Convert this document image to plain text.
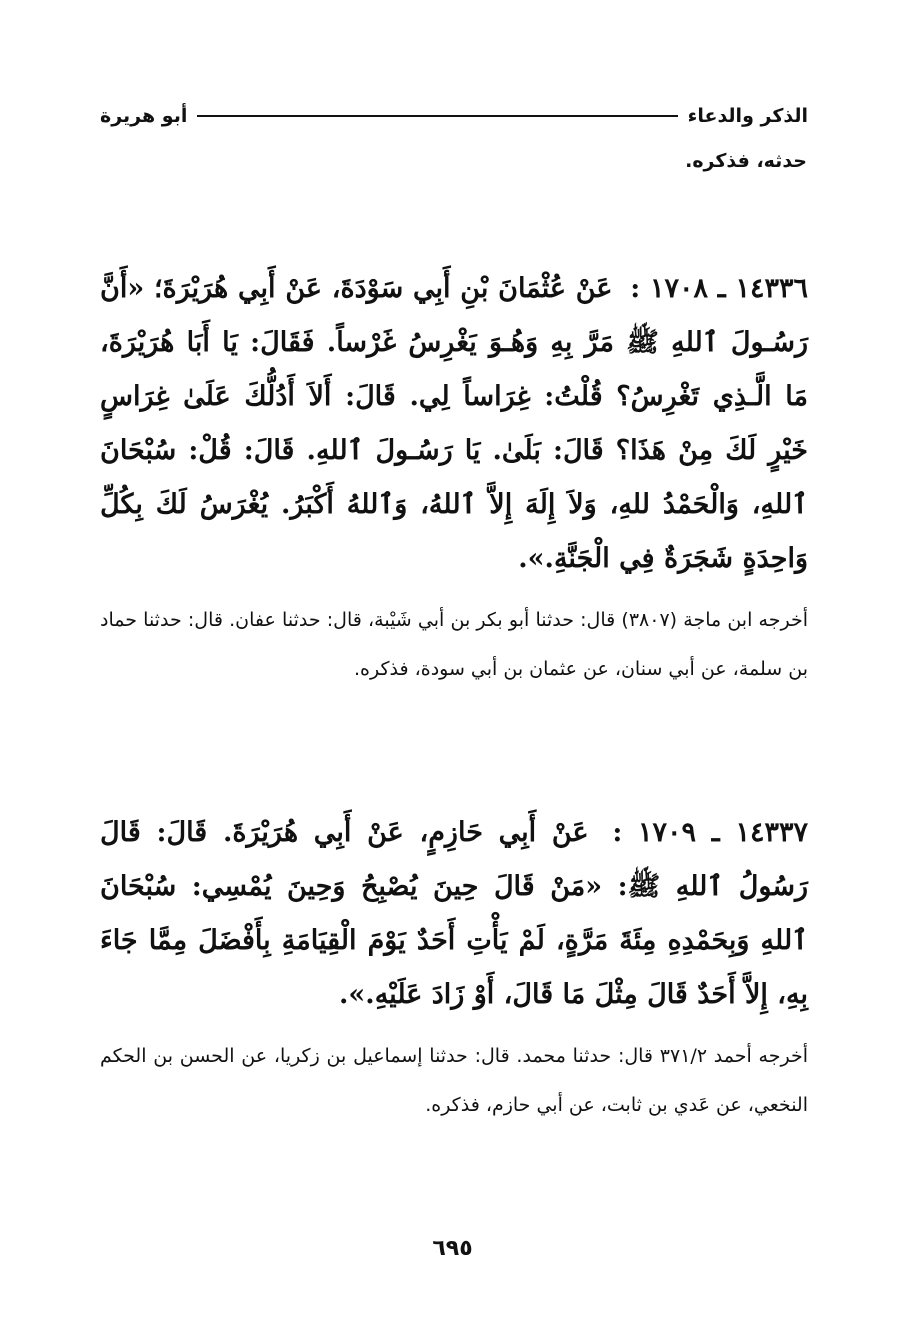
الذكر والدعاء
أبو هريرة
حدثه، فذكره.

١٤٣٣٦ ـ ١٧٠٨ : عَنْ عُثْمَانَ بْنِ أَبِي سَوْدَةَ، عَنْ أَبِي هُرَيْرَةَ؛ «أَنَّ رَسُـولَ ٱللهِ ﷺ مَرَّ بِهِ وَهُـوَ يَغْرِسُ غَرْساً. فَقَالَ: يَا أَبَا هُرَيْرَةَ، مَا الَّـذِي تَغْرِسُ؟ قُلْتُ: غِرَاساً لِي. قَالَ: أَلاَ أَدُلُّكَ عَلَىٰ غِرَاسٍ خَيْرٍ لَكَ مِنْ هَذَا؟ قَالَ: بَلَىٰ. يَا رَسُـولَ ٱللهِ. قَالَ: قُلْ: سُبْحَانَ ٱللهِ، وَالْحَمْدُ للهِ، وَلاَ إِلَهَ إِلاَّ ٱللهُ، وَٱللهُ أَكْبَرُ. يُغْرَسُ لَكَ بِكُلِّ وَاحِدَةٍ شَجَرَةٌ فِي الْجَنَّةِ.».

أخرجه ابن ماجة (٣٨٠٧) قال: حدثنا أبو بكر بن أبي شَيْبة، قال: حدثنا عفان. قال: حدثنا حماد بن سلمة، عن أبي سنان، عن عثمان بن أبي سودة، فذكره.

١٤٣٣٧ ـ ١٧٠٩ : عَنْ أَبِي حَازِمٍ، عَنْ أَبِي هُرَيْرَةَ. قَالَ: قَالَ رَسُولُ ٱللهِ ﷺ: «مَنْ قَالَ حِينَ يُصْبِحُ وَحِينَ يُمْسِي: سُبْحَانَ ٱللهِ وَبِحَمْدِهِ مِئَةَ مَرَّةٍ، لَمْ يَأْتِ أَحَدٌ يَوْمَ الْقِيَامَةِ بِأَفْضَلَ مِمَّا جَاءَ بِهِ، إِلاَّ أَحَدٌ قَالَ مِثْلَ مَا قَالَ، أَوْ زَادَ عَلَيْهِ.».

أخرجه أحمد ٣٧١/٢ قال: حدثنا محمد. قال: حدثنا إسماعيل بن زكريا، عن الحسن بن الحكم النخعي، عن عَدي بن ثابت، عن أبي حازم، فذكره.

٦٩٥
